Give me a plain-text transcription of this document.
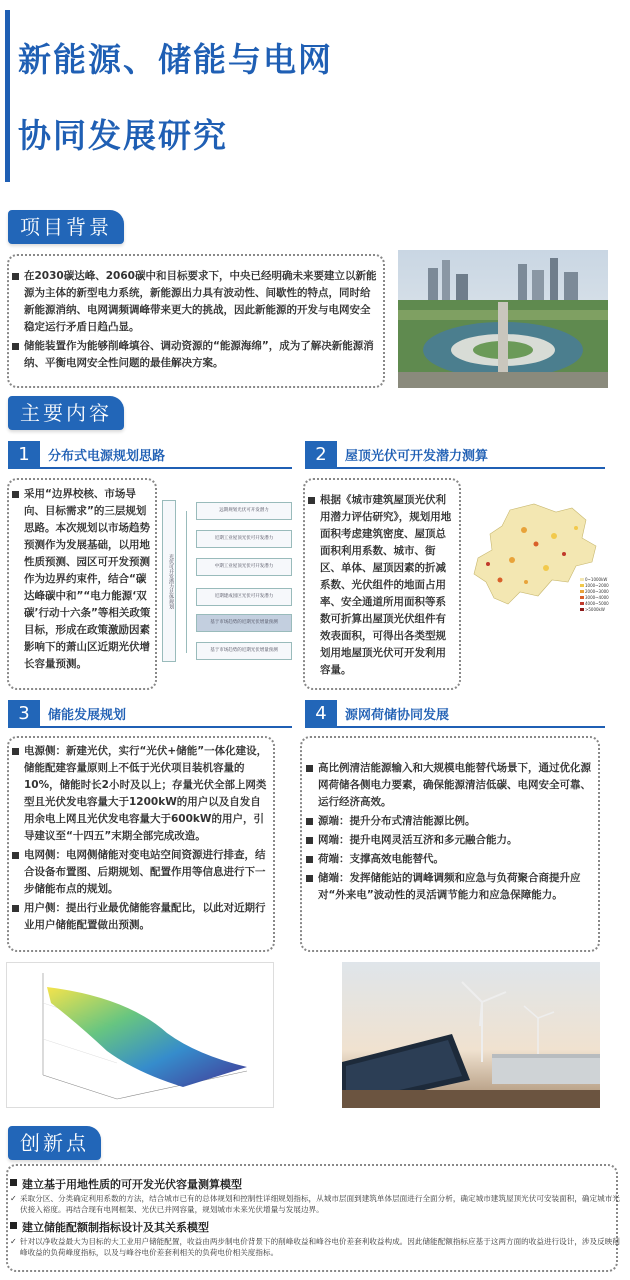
新能源、储能与电网
协同发展研究
项目背景

在2030碳达峰、2060碳中和目标要求下，中央已经明确未来要建立以新能源为主体的新型电力系统，新能源出力具有波动性、间歇性的特点，同时给新能源消纳、电网调频调峰带来更大的挑战，因此新能源的开发与电网安全稳定运行矛盾日趋凸显。

储能装置作为能够削峰填谷、调动资源的“能源海绵”，成为了解决新能源消纳、平衡电网安全性问题的最佳解决方案。

主要内容
1	分布式电源规划思路

采用“边界校核、市场导向、目标需求”的三层规划思路。本次规划以市场趋势预测作为发展基础，以用地性质预测、园区可开发预测作为边界约束件，结合“碳达峰碳中和”“电力能源‘双碳’行动十六条”等相关政策目标，形成在政策激励因素影响下的萧山区近期光伏增长容量预测。

光伏可开发潜力总体规划
远期规划光伏可开发潜力
近期工业屋顶光伏可开发潜力
中期工业屋顶光伏可开发潜力
近期建成园区光伏可开发潜力
基于市场趋势的近期光伏增量预测
基于市场趋势的近期光伏增量预测
2	屋顶光伏可开发潜力测算

根据《城市建筑屋顶光伏利用潜力评估研究》，规划用地面积考虑建筑密度、屋顶总面积利用系数、城市、街区、单体、屋顶因素的折减系数、光伏组件的地面占用率、安全通道所用面积等系数可折算出屋顶光伏组件有效表面积，可得出各类型规划用地屋顶光伏可开发利用容量。

0~1000kW
1000~2000
2000~3000
3000~4000
4000~5000
>5000kW
3	储能发展规划

电源侧：新建光伏，实行“光伏+储能”一体化建设，储能配建容量原则上不低于光伏项目装机容量的10%，储能时长2小时及以上；存量光伏全部上网类型且光伏发电容量大于1200kW的用户以及自发自用余电上网且光伏发电容量大于600kW的用户，引导建议至“十四五”末期全部完成改造。

电网侧：电网侧储能对变电站空间资源进行排查，结合设备布置图、后期规划、配置作用等信息进行下一步储能布点的规划。

用户侧：提出行业最优储能容量配比，以此对近期行业用户储能配置做出预测。

4	源网荷储协同发展

高比例清洁能源输入和大规模电能替代场景下，通过优化源网荷储各侧电力要素，确保能源清洁低碳、电网安全可靠、运行经济高效。

源端：提升分布式清洁能源比例。

网端：提升电网灵活互济和多元融合能力。

荷端：支撑高效电能替代。

储端：发挥储能站的调峰调频和应急与负荷聚合商提升应对“外来电”波动性的灵活调节能力和应急保障能力。

创新点
建立基于用地性质的可开发光伏容量测算模型
✓ 采取分区、分类确定利用系数的方法，结合城市已有的总体规划和控制性详细规划指标，从城市层面到建筑单体层面进行全面分析，确定城市建筑屋顶光伏可安装面积，确定城市光伏接入裕度。再结合现有电网框架、光伏已并网容量，规划城市未来光伏增量与发展边界。
建立储能配额制指标设计及其关系模型
✓ 针对以净收益最大为目标的大工业用户储能配置，收益由两步制电价背景下的削峰收益和峰谷电价差套利收益构成。因此储能配额指标应基于这两方面的收益进行设计，涉及反映削峰收益的负荷峰度指标，以及与峰谷电价差套利相关的负荷电价相关度指标。
